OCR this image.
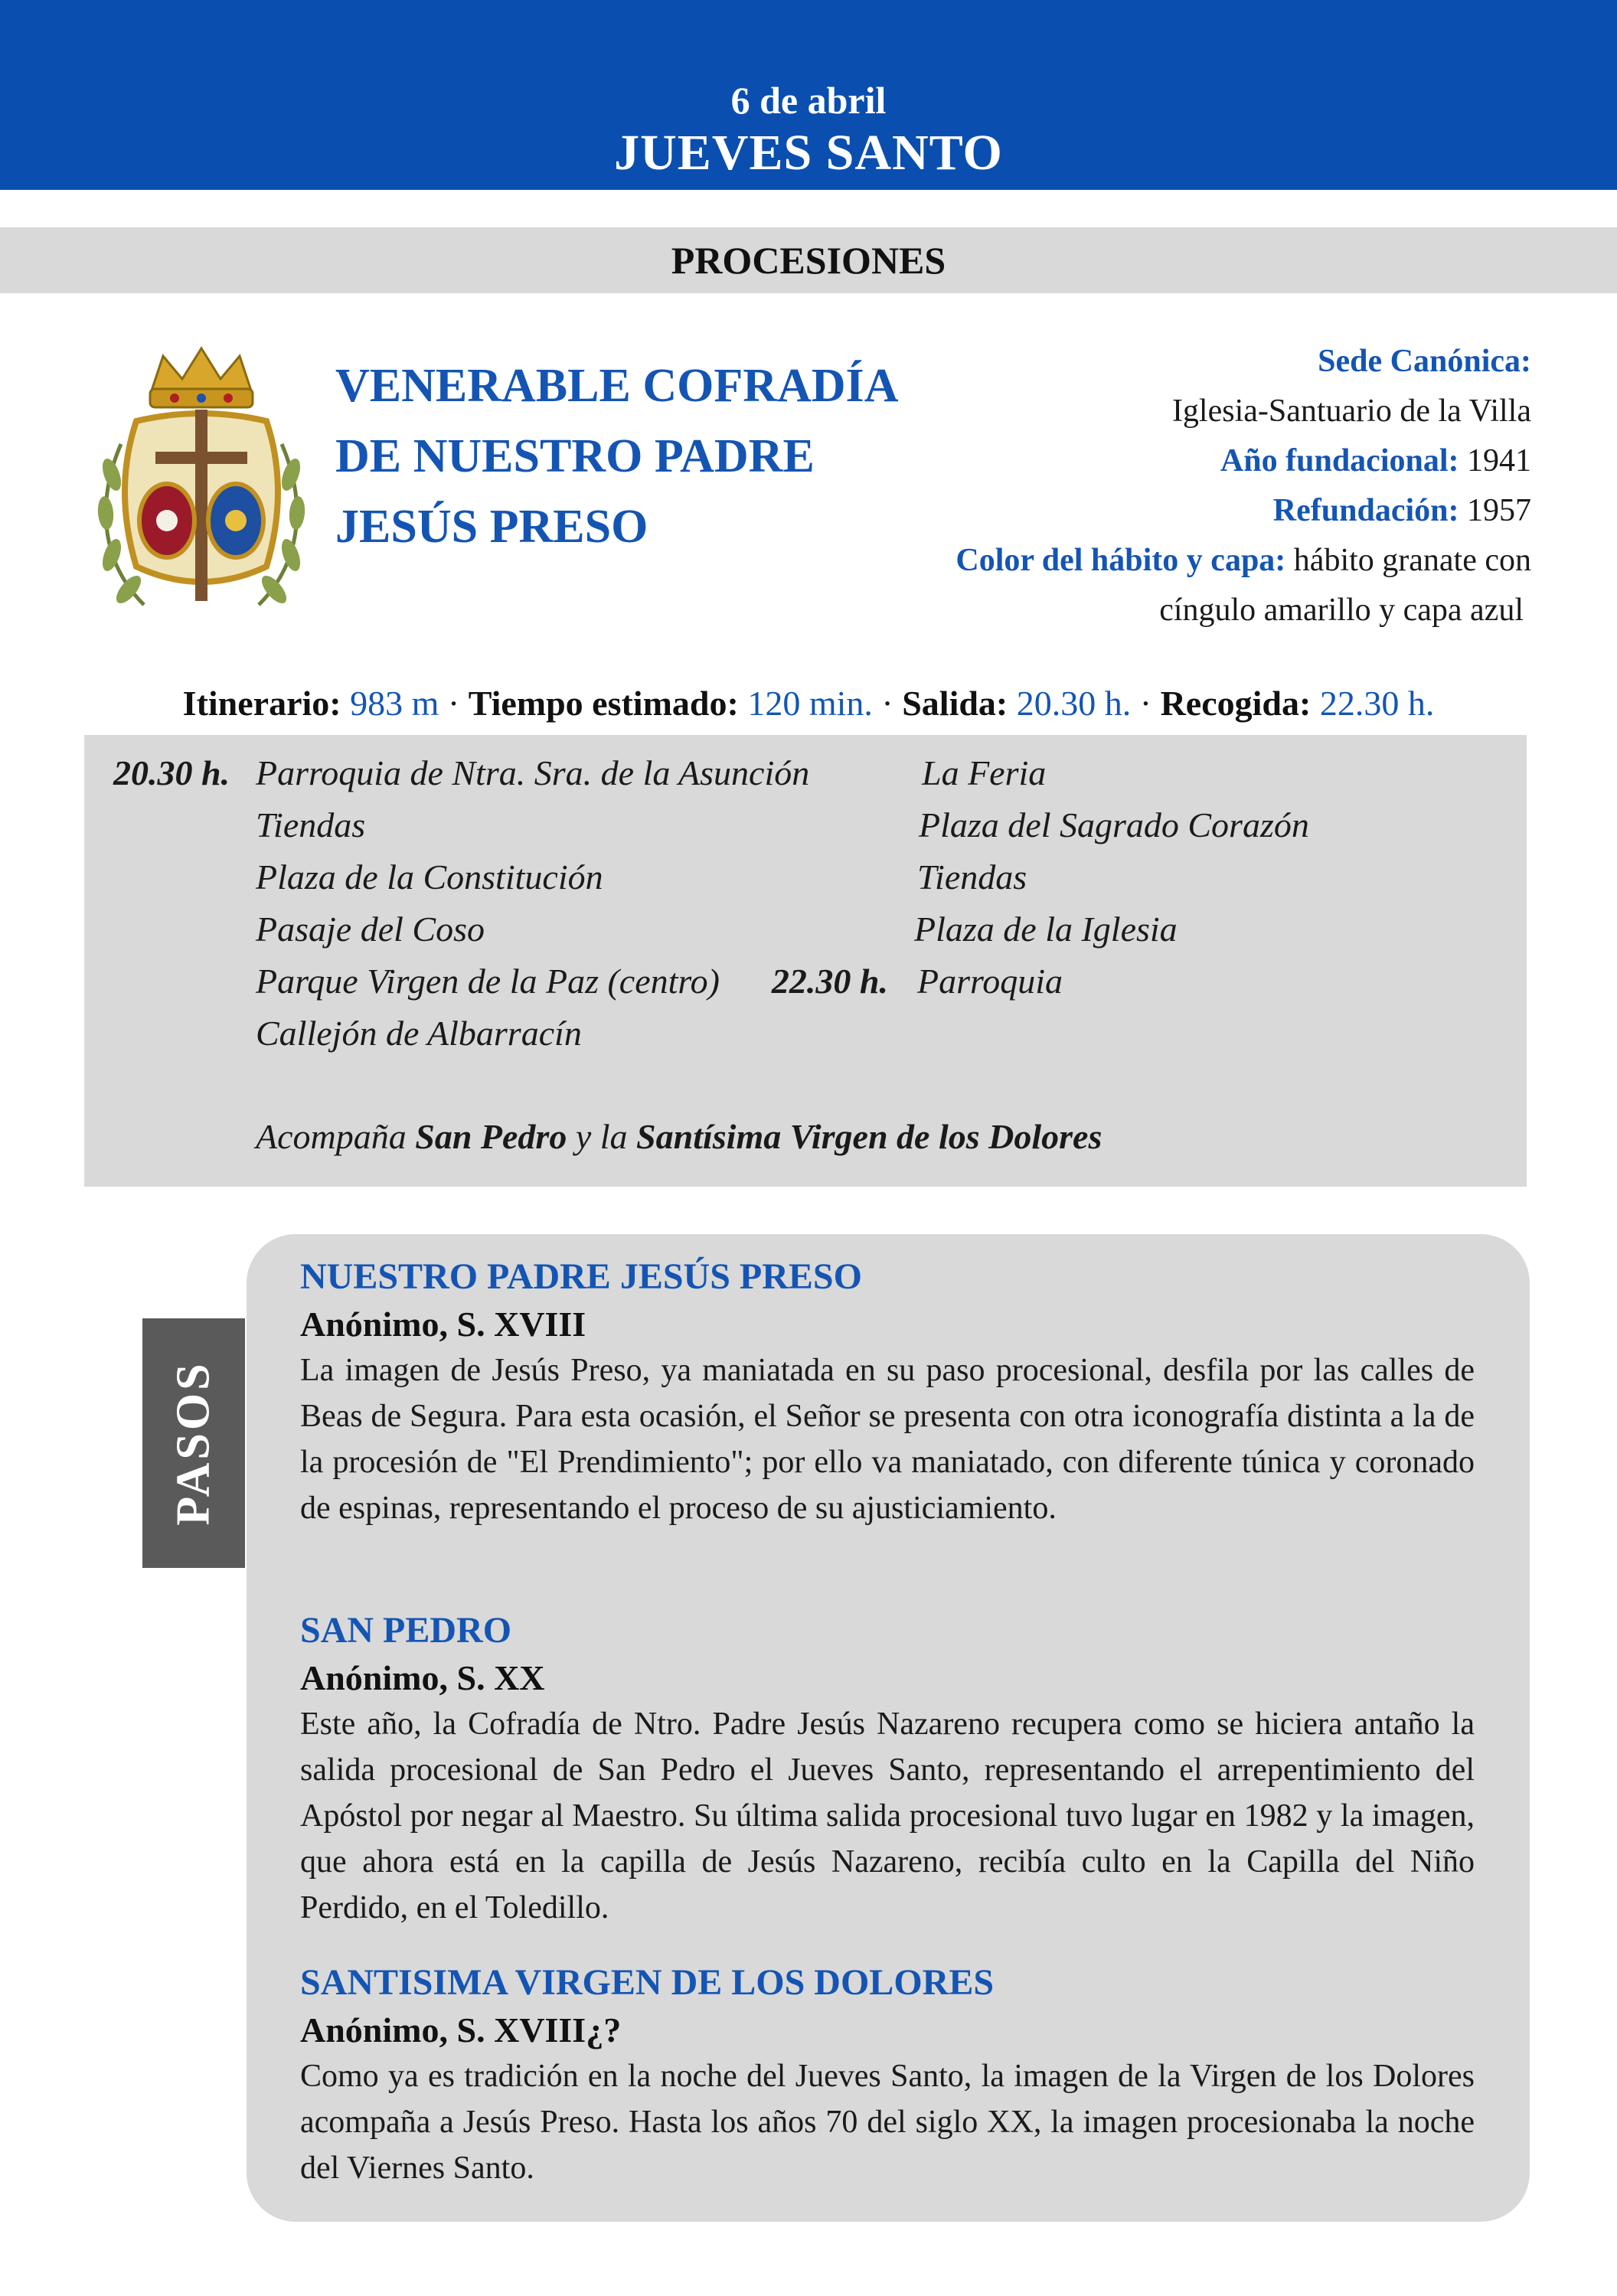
6 de abril
JUEVES SANTO
PROCESIONES
VENERABLE COFRADÍA
DE NUESTRO PADRE
JESÚS PRESO
Sede Canónica:
Iglesia-Santuario de la Villa
Año fundacional: 1941
Refundación: 1957
Color del hábito y capa: hábito granate con
cíngulo amarillo y capa azul
Itinerario: 983 m · Tiempo estimado: 120 min. · Salida: 20.30 h. · Recogida: 22.30 h.
20.30 h. Parroquia de Ntra. Sra. de la Asunción
Tiendas
Plaza de la Constitución
Pasaje del Coso
Parque Virgen de la Paz (centro)
Callejón de Albarracín
La Feria
Plaza del Sagrado Corazón
Tiendas
Plaza de la Iglesia
22.30 h. Parroquia
Acompaña San Pedro y la Santísima Virgen de los Dolores
PASOS
NUESTRO PADRE JESÚS PRESO
Anónimo, S. XVIII
La imagen de Jesús Preso, ya maniatada en su paso procesional, desfila por las calles de Beas de Segura. Para esta ocasión, el Señor se presenta con otra iconografía distinta a la de la procesión de "El Prendimiento"; por ello va maniatado, con diferente túnica y coronado de espinas, representando el proceso de su ajusticiamiento.
SAN PEDRO
Anónimo, S. XX
Este año, la Cofradía de Ntro. Padre Jesús Nazareno recupera como se hiciera antaño la salida procesional de San Pedro el Jueves Santo, representando el arrepentimiento del Apóstol por negar al Maestro. Su última salida procesional tuvo lugar en 1982 y la imagen, que ahora está en la capilla de Jesús Nazareno, recibía culto en la Capilla del Niño Perdido, en el Toledillo.
SANTISIMA VIRGEN DE LOS DOLORES
Anónimo, S. XVIII¿?
Como ya es tradición en la noche del Jueves Santo, la imagen de la Virgen de los Dolores acompaña a Jesús Preso. Hasta los años 70 del siglo XX, la imagen procesionaba la noche del Viernes Santo.
